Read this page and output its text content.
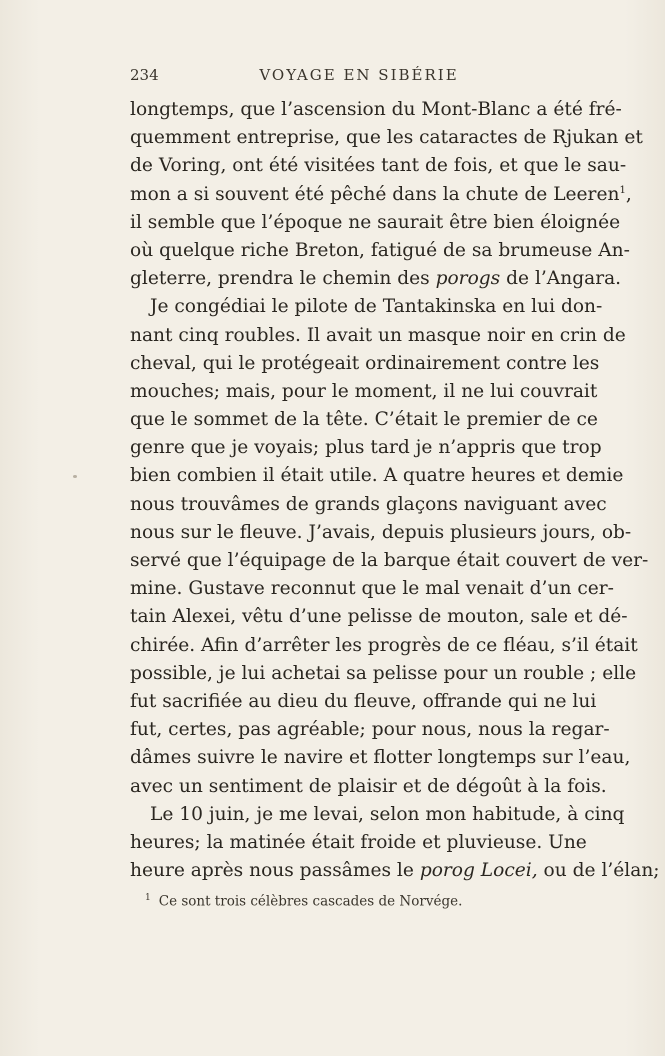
234	VOYAGE EN SIBÉRIE
longtemps, que l’ascension du Mont-Blanc a été fré-
quemment entreprise, que les cataractes de Rjukan et
de Voring, ont été visitées tant de fois, et que le sau-
mon a si souvent été pêché dans la chute de Leeren$^1$,
il semble que l’époque ne saurait être bien éloignée
où quelque riche Breton, fatigué de sa brumeuse An-
gleterre, prendra le chemin des porogs de l’Angara.
Je congédiai le pilote de Tantakinska en lui don-
nant cinq roubles. Il avait un masque noir en crin de
cheval, qui le protégeait ordinairement contre les
mouches; mais, pour le moment, il ne lui couvrait
que le sommet de la tête. C’était le premier de ce
genre que je voyais; plus tard je n’appris que trop
bien combien il était utile. A quatre heures et demie
nous trouvâmes de grands glaçons naviguant avec
nous sur le fleuve. J’avais, depuis plusieurs jours, ob-
servé que l’équipage de la barque était couvert de ver-
mine. Gustave reconnut que le mal venait d’un cer-
tain Alexei, vêtu d’une pelisse de mouton, sale et dé-
chirée. Afin d’arrêter les progrès de ce fléau, s’il était
possible, je lui achetai sa pelisse pour un rouble ; elle
fut sacrifiée au dieu du fleuve, offrande qui ne lui
fut, certes, pas agréable; pour nous, nous la regar-
dâmes suivre le navire et flotter longtemps sur l’eau,
avec un sentiment de plaisir et de dégoût à la fois.
Le 10 juin, je me levai, selon mon habitude, à cinq
heures; la matinée était froide et pluvieuse. Une
heure après nous passâmes le porog Locei, ou de l’élan;
$^1$ Ce sont trois célèbres cascades de Norvége.
